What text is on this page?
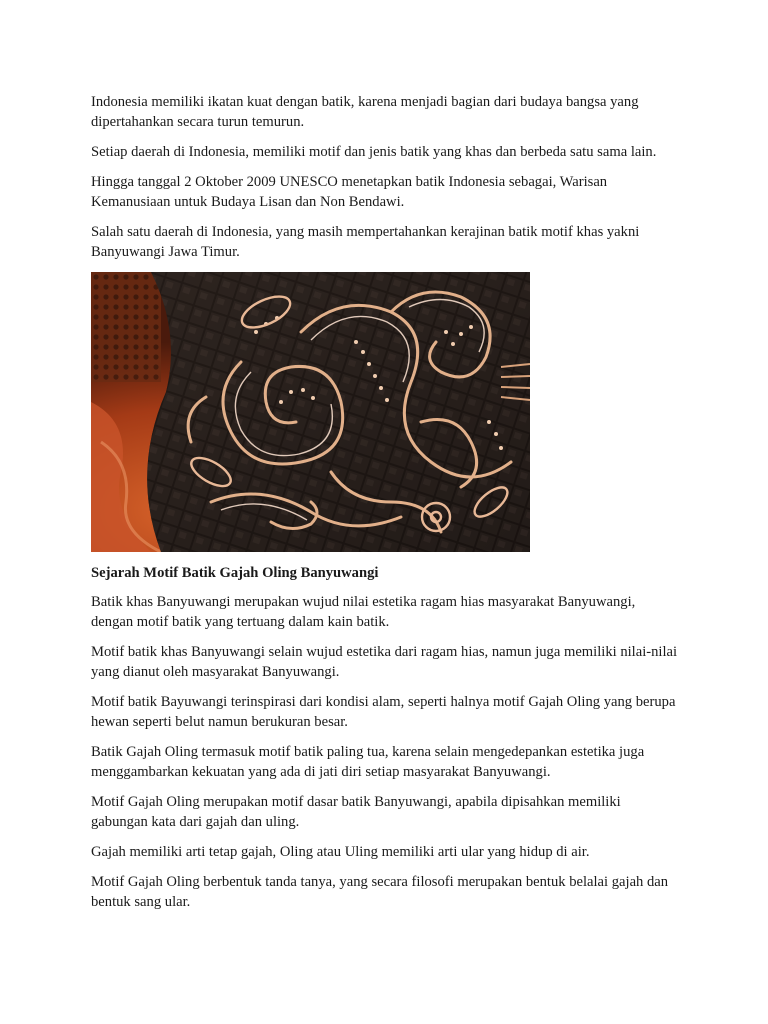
Indonesia memiliki ikatan kuat dengan batik, karena menjadi bagian dari budaya bangsa yang dipertahankan secara turun temurun.

Setiap daerah di Indonesia, memiliki motif dan jenis batik yang khas dan berbeda satu sama lain.

Hingga tanggal 2 Oktober 2009 UNESCO menetapkan batik Indonesia sebagai, Warisan Kemanusiaan untuk Budaya Lisan dan Non Bendawi.

Salah satu daerah di Indonesia, yang masih mempertahankan kerajinan batik motif khas yakni Banyuwangi Jawa Timur.

Sejarah Motif Batik Gajah Oling Banyuwangi

Batik khas Banyuwangi merupakan wujud nilai estetika ragam hias masyarakat Banyuwangi, dengan motif batik yang tertuang dalam kain batik.

Motif batik khas Banyuwangi selain wujud estetika dari ragam hias, namun juga memiliki nilai-nilai yang dianut oleh masyarakat Banyuwangi.

Motif batik Bayuwangi terinspirasi dari kondisi alam, seperti halnya motif Gajah Oling yang berupa hewan seperti belut namun berukuran besar.

Batik Gajah Oling termasuk motif batik paling tua, karena selain mengedepankan estetika juga menggambarkan kekuatan yang ada di jati diri setiap masyarakat Banyuwangi.

Motif Gajah Oling merupakan motif dasar batik Banyuwangi, apabila dipisahkan memiliki gabungan kata dari gajah dan uling.

Gajah memiliki arti tetap gajah, Oling atau Uling memiliki arti ular yang hidup di air.

Motif Gajah Oling berbentuk tanda tanya, yang secara filosofi merupakan bentuk belalai gajah dan bentuk sang ular.
